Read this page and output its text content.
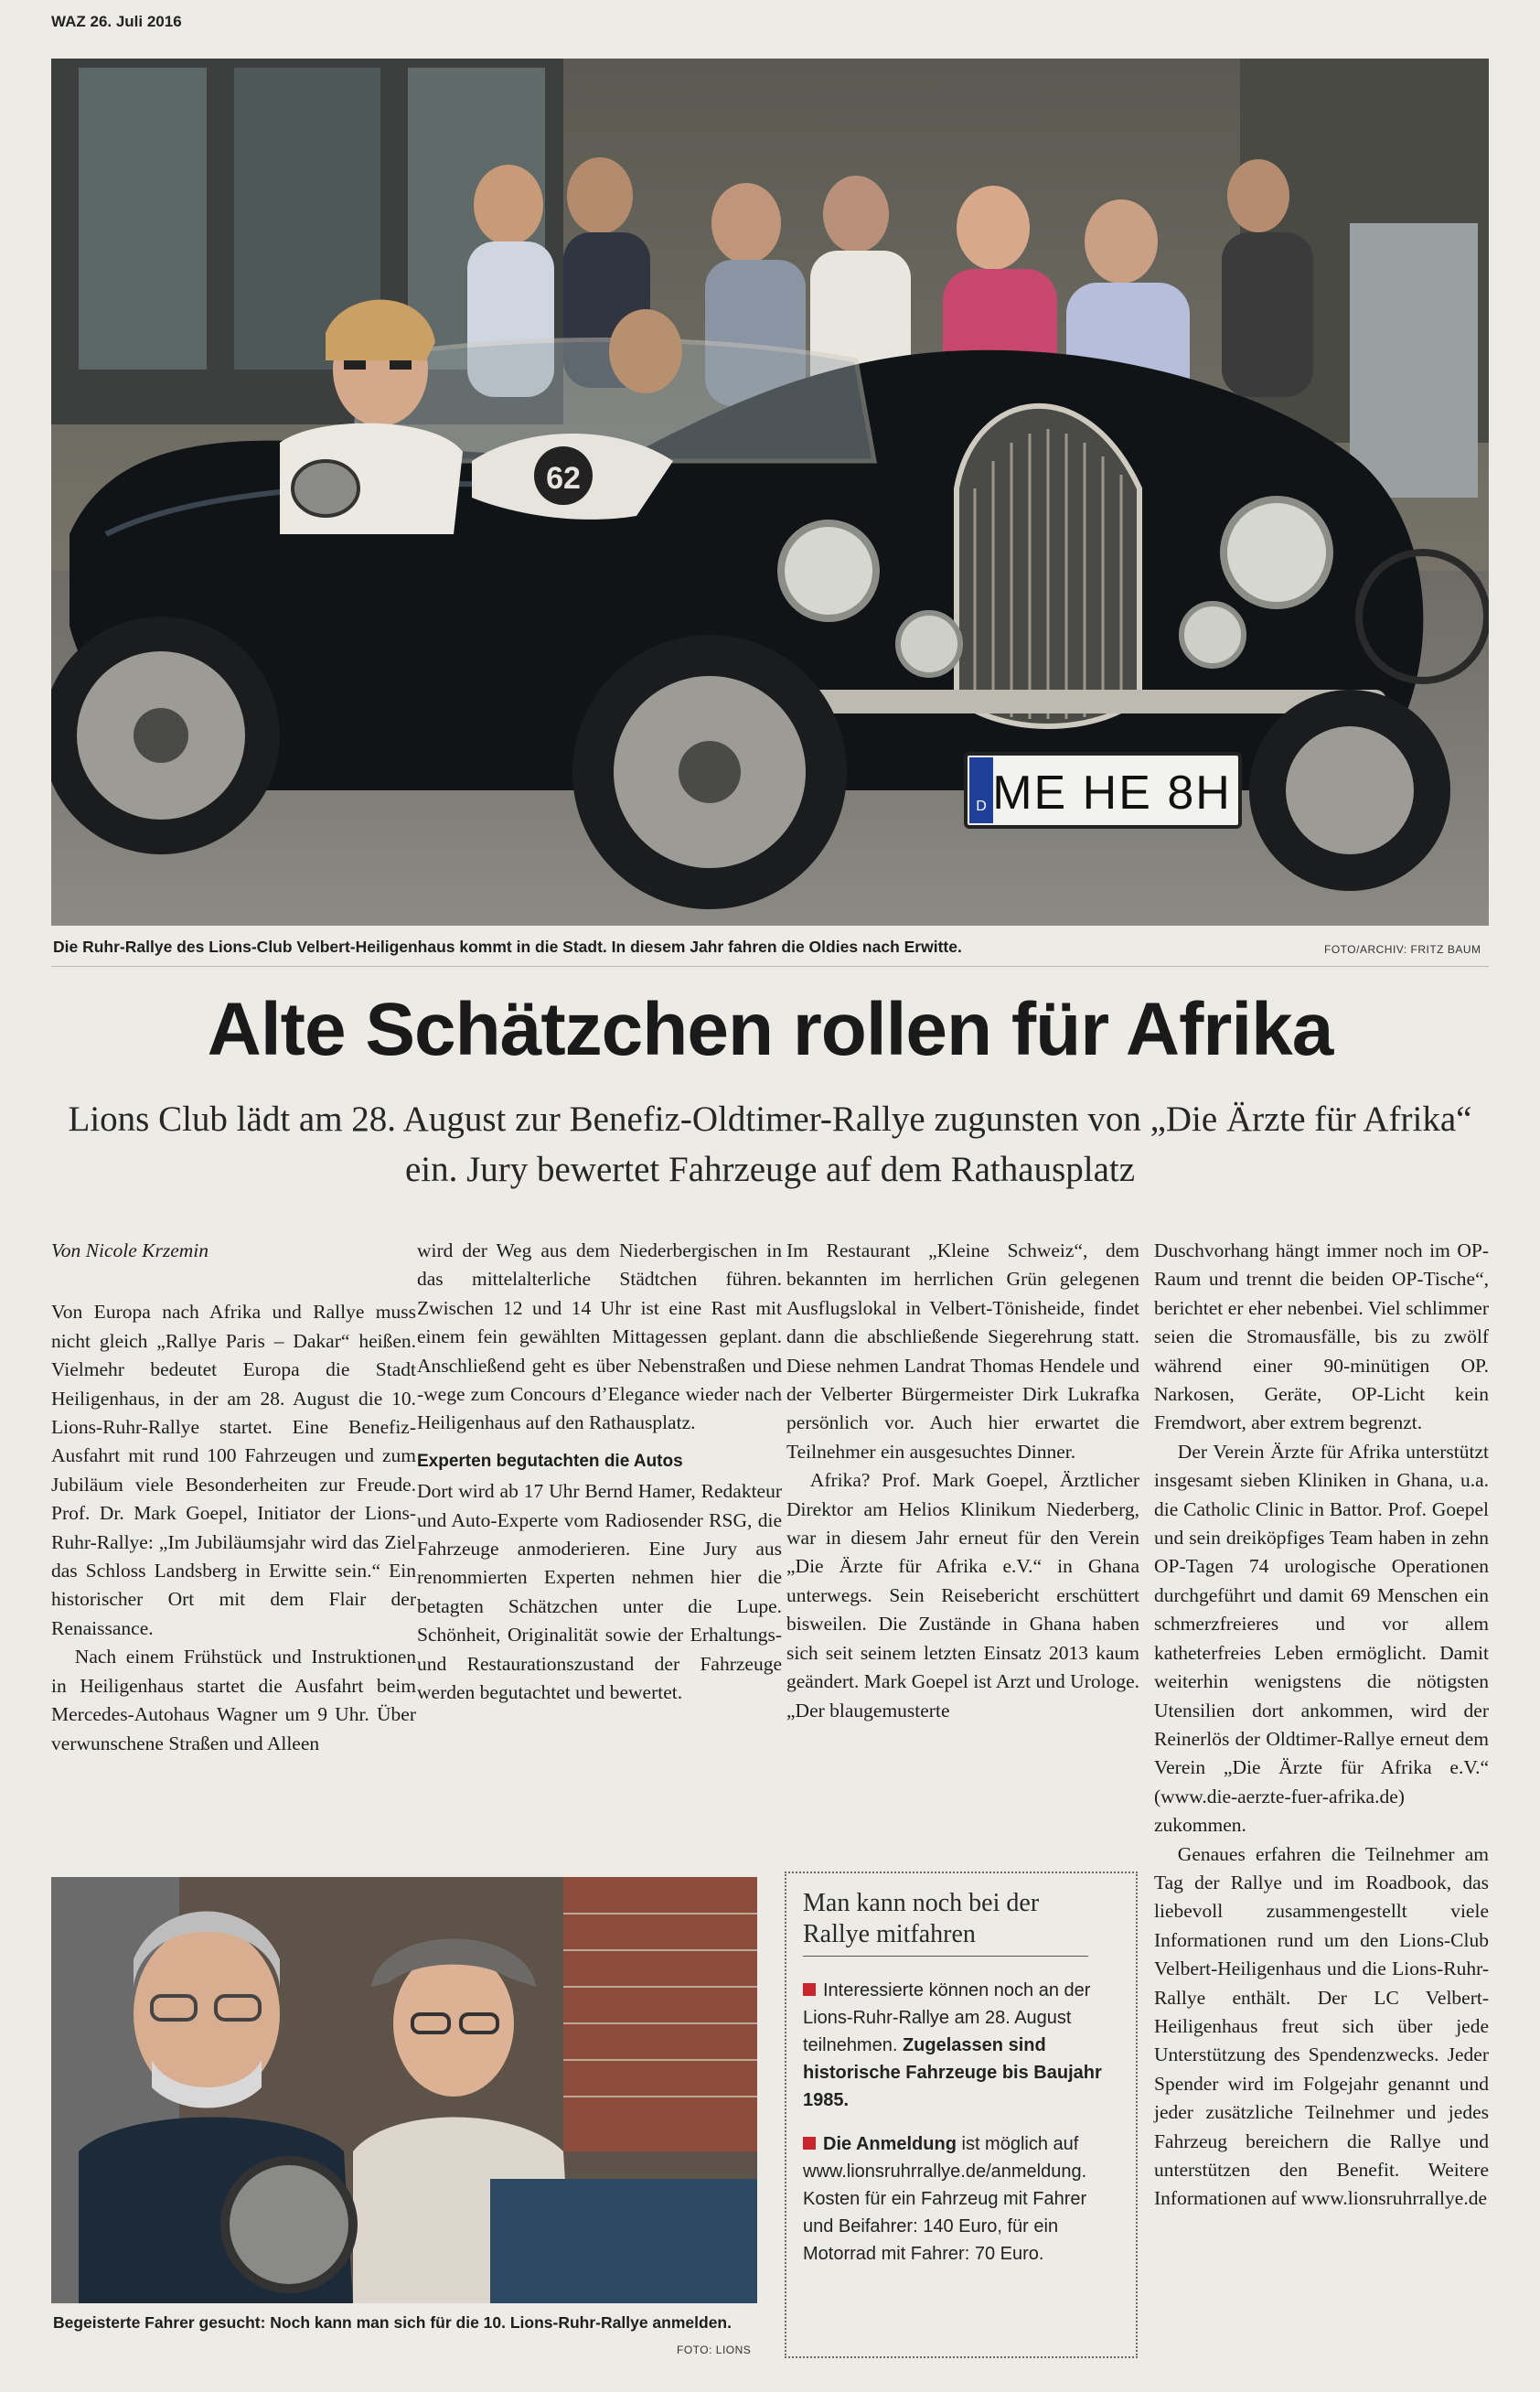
WAZ 26. Juli 2016
62
D ME HE 8H
Die Ruhr-Rallye des Lions-Club Velbert-Heiligenhaus kommt in die Stadt. In diesem Jahr fahren die Oldies nach Erwitte.	FOTO/ARCHIV: FRITZ BAUM
Alte Schätzchen rollen für Afrika

Lions Club lädt am 28. August zur Benefiz-Oldtimer-Rallye zugunsten von „Die Ärzte für Afrika“ ein. Jury bewertet Fahrzeuge auf dem Rathausplatz

Von Nicole Krzemin

Von Europa nach Afrika und Rallye muss nicht gleich „Rallye Paris – Dakar“ heißen. Vielmehr bedeutet Europa die Stadt Heiligenhaus, in der am 28. August die 10. Lions-Ruhr-Rallye startet. Eine Benefiz-Ausfahrt mit rund 100 Fahrzeugen und zum Jubiläum viele Besonderheiten zur Freude. Prof. Dr. Mark Goepel, Initiator der Lions-Ruhr-Rallye: „Im Jubiläumsjahr wird das Ziel das Schloss Landsberg in Erwitte sein.“ Ein historischer Ort mit dem Flair der Renaissance.

Nach einem Frühstück und Instruktionen in Heiligenhaus startet die Ausfahrt beim Mercedes-Autohaus Wagner um 9 Uhr. Über verwunschene Straßen und Alleen

wird der Weg aus dem Niederbergischen in das mittelalterliche Städtchen führen. Zwischen 12 und 14 Uhr ist eine Rast mit einem fein gewählten Mittagessen geplant. Anschließend geht es über Nebenstraßen und -wege zum Concours d’Elegance wieder nach Heiligenhaus auf den Rathausplatz.

Experten begutachten die Autos

Dort wird ab 17 Uhr Bernd Hamer, Redakteur und Auto-Experte vom Radiosender RSG, die Fahrzeuge anmoderieren. Eine Jury aus renommierten Experten nehmen hier die betagten Schätzchen unter die Lupe. Schönheit, Originalität sowie der Erhaltungs- und Restaurationszustand der Fahrzeuge werden begutachtet und bewertet.

Im Restaurant „Kleine Schweiz“, dem bekannten im herrlichen Grün gelegenen Ausflugslokal in Velbert-Tönisheide, findet dann die abschließende Siegerehrung statt. Diese nehmen Landrat Thomas Hendele und der Velberter Bürgermeister Dirk Lukrafka persönlich vor. Auch hier erwartet die Teilnehmer ein ausgesuchtes Dinner.

Afrika? Prof. Mark Goepel, Ärztlicher Direktor am Helios Klinikum Niederberg, war in diesem Jahr erneut für den Verein „Die Ärzte für Afrika e.V.“ in Ghana unterwegs. Sein Reisebericht erschüttert bisweilen. Die Zustände in Ghana haben sich seit seinem letzten Einsatz 2013 kaum geändert. Mark Goepel ist Arzt und Urologe. „Der blaugemusterte

Duschvorhang hängt immer noch im OP-Raum und trennt die beiden OP-Tische“, berichtet er eher nebenbei. Viel schlimmer seien die Stromausfälle, bis zu zwölf während einer 90-minütigen OP. Narkosen, Geräte, OP-Licht kein Fremdwort, aber extrem begrenzt.

Der Verein Ärzte für Afrika unterstützt insgesamt sieben Kliniken in Ghana, u.a. die Catholic Clinic in Battor. Prof. Goepel und sein dreiköpfiges Team haben in zehn OP-Tagen 74 urologische Operationen durchgeführt und damit 69 Menschen ein schmerzfreieres und vor allem katheterfreies Leben ermöglicht. Damit weiterhin wenigstens die nötigsten Utensilien dort ankommen, wird der Reinerlös der Oldtimer-Rallye erneut dem Verein „Die Ärzte für Afrika e.V.“ (www.die-aerzte-fuer-afrika.de) zukommen.

Genaues erfahren die Teilnehmer am Tag der Rallye und im Roadbook, das liebevoll zusammengestellt viele Informationen rund um den Lions-Club Velbert-Heiligenhaus und die Lions-Ruhr-Rallye enthält. Der LC Velbert-Heiligenhaus freut sich über jede Unterstützung des Spendenzwecks. Jeder Spender wird im Folgejahr genannt und jeder zusätzliche Teilnehmer und jedes Fahrzeug bereichern die Rallye und unterstützen den Benefit. Weitere Informationen auf www.lionsruhrrallye.de

Begeisterte Fahrer gesucht: Noch kann man sich für die 10. Lions-Ruhr-Rallye anmelden.
FOTO: LIONS
Man kann noch bei der Rallye mitfahren

Interessierte können noch an der Lions-Ruhr-Rallye am 28. August teilnehmen. Zugelassen sind historische Fahrzeuge bis Baujahr 1985.

Die Anmeldung ist möglich auf www.lionsruhrrallye.de/anmeldung. Kosten für ein Fahrzeug mit Fahrer und Beifahrer: 140 Euro, für ein Motorrad mit Fahrer: 70 Euro.
